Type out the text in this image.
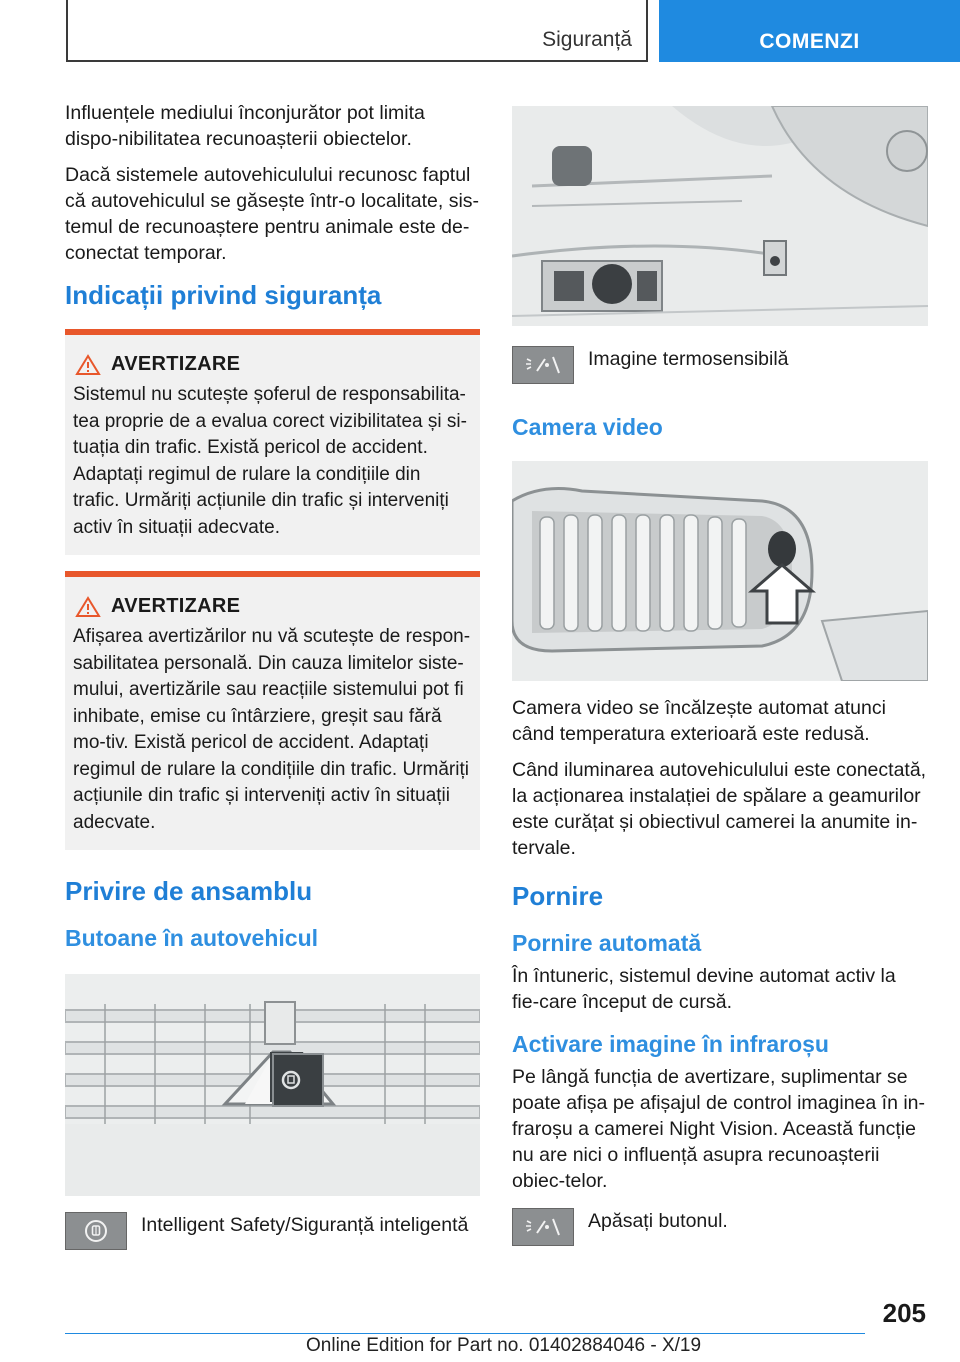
Siguranță	COMENZI

Influențele mediului înconjurător pot limita dispo-nibilitatea recunoașterii obiectelor.

Dacă sistemele autovehiculului recunosc faptul că autovehiculul se găsește într-o localitate, sis-temul de recunoaștere pentru animale este de-conectat temporar.

Indicații privind siguranța
AVERTIZARE

Sistemul nu scutește șoferul de responsabilita-tea proprie de a evalua corect vizibilitatea și si-tuația din trafic. Există pericol de accident. Adaptați regimul de rulare la condițiile din trafic. Urmăriți acțiunile din trafic și interveniți activ în situații adecvate.

AVERTIZARE

Afișarea avertizărilor nu vă scutește de respon-sabilitatea personală. Din cauza limitelor siste-mului, avertizările sau reacțiile sistemului pot fi inhibate, emise cu întârziere, greșit sau fără mo-tiv. Există pericol de accident. Adaptați regimul de rulare la condițiile din trafic. Urmăriți acțiunile din trafic și interveniți activ în situații adecvate.

Privire de ansamblu
Butoane în autovehicul

Intelligent Safety/Siguranță inteligentă

Imagine termosensibilă

Camera video

Camera video se încălzește automat atunci când temperatura exterioară este redusă.

Când iluminarea autovehiculului este conectată, la acționarea instalației de spălare a geamurilor este curățat și obiectivul camerei la anumite in-tervale.

Pornire
Pornire automată

În întuneric, sistemul devine automat activ la fie-care început de cursă.

Activare imagine în infraroșu

Pe lângă funcția de avertizare, suplimentar se poate afișa pe afișajul de control imaginea în in-fraroșu a camerei Night Vision. Această funcție nu are nici o influență asupra recunoașterii obiec-telor.

Apăsați butonul.

205
Online Edition for Part no. 01402884046 - X/19
